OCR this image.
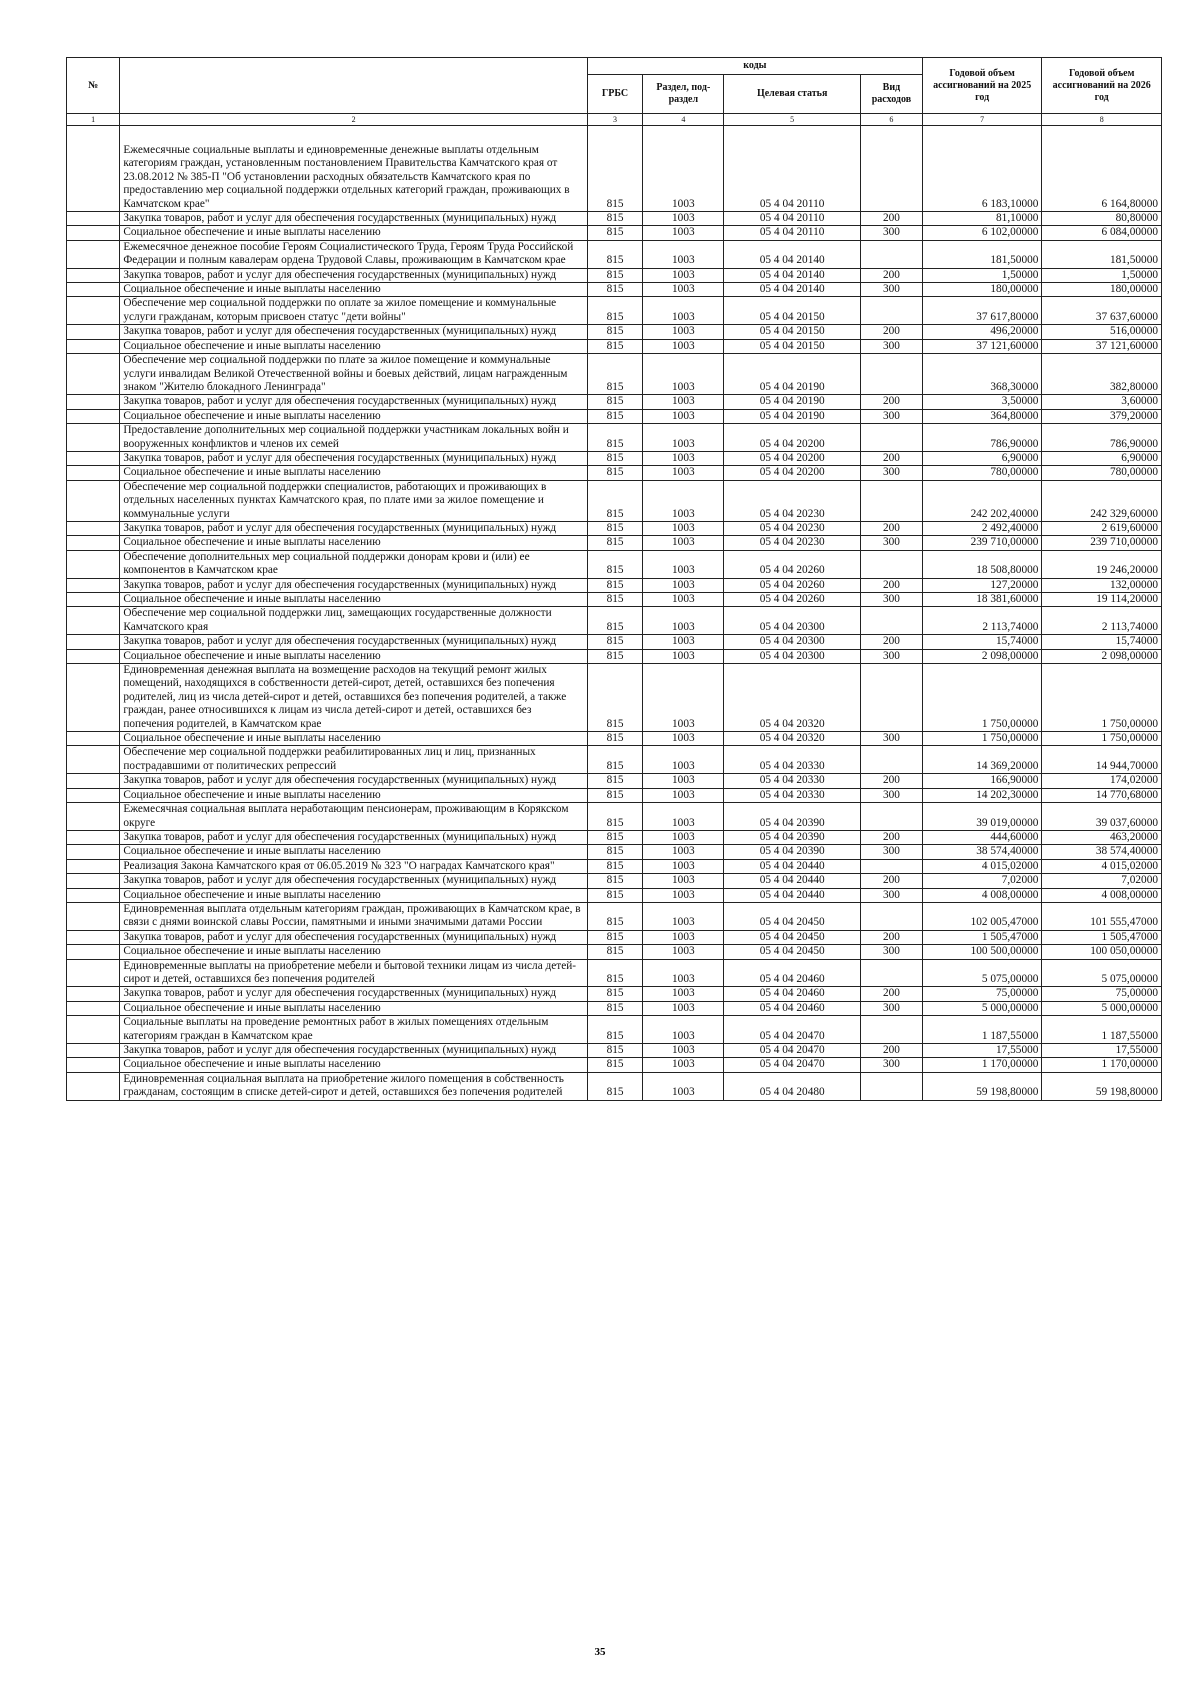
№		коды				Годовой объем ассигнований на 2025 год	Годовой объем ассигнований на 2026 год
		ГРБС	Раздел, под-раздел	Целевая статья	Вид расходов		
1	2	3	4	5	6	7	8
	Ежемесячные социальные выплаты и единовременные денежные выплаты отдельным категориям граждан, установленным постановлением Правительства Камчатского края от 23.08.2012 № 385-П "Об установлении расходных обязательств Камчатского края по предоставлению мер социальной поддержки отдельных категорий граждан, проживающих в Камчатском крае"	815	1003	05 4 04 20110		6 183,10000	6 164,80000
	Закупка товаров, работ и услуг для обеспечения государственных (муниципальных) нужд	815	1003	05 4 04 20110	200	81,10000	80,80000
	Социальное обеспечение и иные выплаты населению	815	1003	05 4 04 20110	300	6 102,00000	6 084,00000
	Ежемесячное денежное пособие Героям Социалистического Труда, Героям Труда Российской Федерации и полным кавалерам ордена Трудовой Славы, проживающим в Камчатском крае	815	1003	05 4 04 20140		181,50000	181,50000
	Закупка товаров, работ и услуг для обеспечения государственных (муниципальных) нужд	815	1003	05 4 04 20140	200	1,50000	1,50000
	Социальное обеспечение и иные выплаты населению	815	1003	05 4 04 20140	300	180,00000	180,00000
	Обеспечение мер социальной поддержки по оплате за жилое помещение и коммунальные услуги гражданам, которым присвоен статус "дети войны"	815	1003	05 4 04 20150		37 617,80000	37 637,60000
	Закупка товаров, работ и услуг для обеспечения государственных (муниципальных) нужд	815	1003	05 4 04 20150	200	496,20000	516,00000
	Социальное обеспечение и иные выплаты населению	815	1003	05 4 04 20150	300	37 121,60000	37 121,60000
	Обеспечение мер социальной поддержки по плате за жилое помещение и коммунальные услуги инвалидам Великой Отечественной войны и боевых действий, лицам награжденным знаком "Жителю блокадного Ленинграда"	815	1003	05 4 04 20190		368,30000	382,80000
	Закупка товаров, работ и услуг для обеспечения государственных (муниципальных) нужд	815	1003	05 4 04 20190	200	3,50000	3,60000
	Социальное обеспечение и иные выплаты населению	815	1003	05 4 04 20190	300	364,80000	379,20000
	Предоставление дополнительных мер социальной поддержки участникам локальных войн и вооруженных конфликтов и членов их семей	815	1003	05 4 04 20200		786,90000	786,90000
	Закупка товаров, работ и услуг для обеспечения государственных (муниципальных) нужд	815	1003	05 4 04 20200	200	6,90000	6,90000
	Социальное обеспечение и иные выплаты населению	815	1003	05 4 04 20200	300	780,00000	780,00000
	Обеспечение мер социальной поддержки специалистов, работающих и проживающих в отдельных населенных пунктах Камчатского края, по плате ими за жилое помещение и коммунальные услуги	815	1003	05 4 04 20230		242 202,40000	242 329,60000
	Закупка товаров, работ и услуг для обеспечения государственных (муниципальных) нужд	815	1003	05 4 04 20230	200	2 492,40000	2 619,60000
	Социальное обеспечение и иные выплаты населению	815	1003	05 4 04 20230	300	239 710,00000	239 710,00000
	Обеспечение дополнительных мер социальной поддержки донорам крови и (или) ее компонентов в Камчатском крае	815	1003	05 4 04 20260		18 508,80000	19 246,20000
	Закупка товаров, работ и услуг для обеспечения государственных (муниципальных) нужд	815	1003	05 4 04 20260	200	127,20000	132,00000
	Социальное обеспечение и иные выплаты населению	815	1003	05 4 04 20260	300	18 381,60000	19 114,20000
	Обеспечение мер социальной поддержки лиц, замещающих государственные должности Камчатского края	815	1003	05 4 04 20300		2 113,74000	2 113,74000
	Закупка товаров, работ и услуг для обеспечения государственных (муниципальных) нужд	815	1003	05 4 04 20300	200	15,74000	15,74000
	Социальное обеспечение и иные выплаты населению	815	1003	05 4 04 20300	300	2 098,00000	2 098,00000
	Единовременная денежная выплата на возмещение расходов на текущий ремонт жилых помещений, находящихся в собственности детей-сирот, детей, оставшихся без попечения родителей, лиц из числа детей-сирот и детей, оставшихся без попечения родителей, а также граждан, ранее относившихся к лицам из числа детей-сирот и детей, оставшихся без попечения родителей, в Камчатском крае	815	1003	05 4 04 20320		1 750,00000	1 750,00000
	Социальное обеспечение и иные выплаты населению	815	1003	05 4 04 20320	300	1 750,00000	1 750,00000
	Обеспечение мер социальной поддержки реабилитированных лиц и лиц, признанных пострадавшими от политических репрессий	815	1003	05 4 04 20330		14 369,20000	14 944,70000
	Закупка товаров, работ и услуг для обеспечения государственных (муниципальных) нужд	815	1003	05 4 04 20330	200	166,90000	174,02000
	Социальное обеспечение и иные выплаты населению	815	1003	05 4 04 20330	300	14 202,30000	14 770,68000
	Ежемесячная социальная выплата неработающим пенсионерам, проживающим в Корякском округе	815	1003	05 4 04 20390		39 019,00000	39 037,60000
	Закупка товаров, работ и услуг для обеспечения государственных (муниципальных) нужд	815	1003	05 4 04 20390	200	444,60000	463,20000
	Социальное обеспечение и иные выплаты населению	815	1003	05 4 04 20390	300	38 574,40000	38 574,40000
	Реализация Закона Камчатского края от 06.05.2019 № 323 "О наградах Камчатского края"	815	1003	05 4 04 20440		4 015,02000	4 015,02000
	Закупка товаров, работ и услуг для обеспечения государственных (муниципальных) нужд	815	1003	05 4 04 20440	200	7,02000	7,02000
	Социальное обеспечение и иные выплаты населению	815	1003	05 4 04 20440	300	4 008,00000	4 008,00000
	Единовременная выплата отдельным категориям граждан, проживающих в Камчатском крае, в связи с днями воинской славы России, памятными и иными значимыми датами России	815	1003	05 4 04 20450		102 005,47000	101 555,47000
	Закупка товаров, работ и услуг для обеспечения государственных (муниципальных) нужд	815	1003	05 4 04 20450	200	1 505,47000	1 505,47000
	Социальное обеспечение и иные выплаты населению	815	1003	05 4 04 20450	300	100 500,00000	100 050,00000
	Единовременные выплаты на приобретение мебели и бытовой техники лицам из числа детей-сирот и детей, оставшихся без попечения родителей	815	1003	05 4 04 20460		5 075,00000	5 075,00000
	Закупка товаров, работ и услуг для обеспечения государственных (муниципальных) нужд	815	1003	05 4 04 20460	200	75,00000	75,00000
	Социальное обеспечение и иные выплаты населению	815	1003	05 4 04 20460	300	5 000,00000	5 000,00000
	Социальные выплаты на проведение ремонтных работ в жилых помещениях отдельным категориям граждан в Камчатском крае	815	1003	05 4 04 20470		1 187,55000	1 187,55000
	Закупка товаров, работ и услуг для обеспечения государственных (муниципальных) нужд	815	1003	05 4 04 20470	200	17,55000	17,55000
	Социальное обеспечение и иные выплаты населению	815	1003	05 4 04 20470	300	1 170,00000	1 170,00000
	Единовременная социальная выплата на приобретение жилого помещения в собственность гражданам, состоящим в списке детей-сирот и детей, оставшихся без попечения родителей	815	1003	05 4 04 20480		59 198,80000	59 198,80000
35
